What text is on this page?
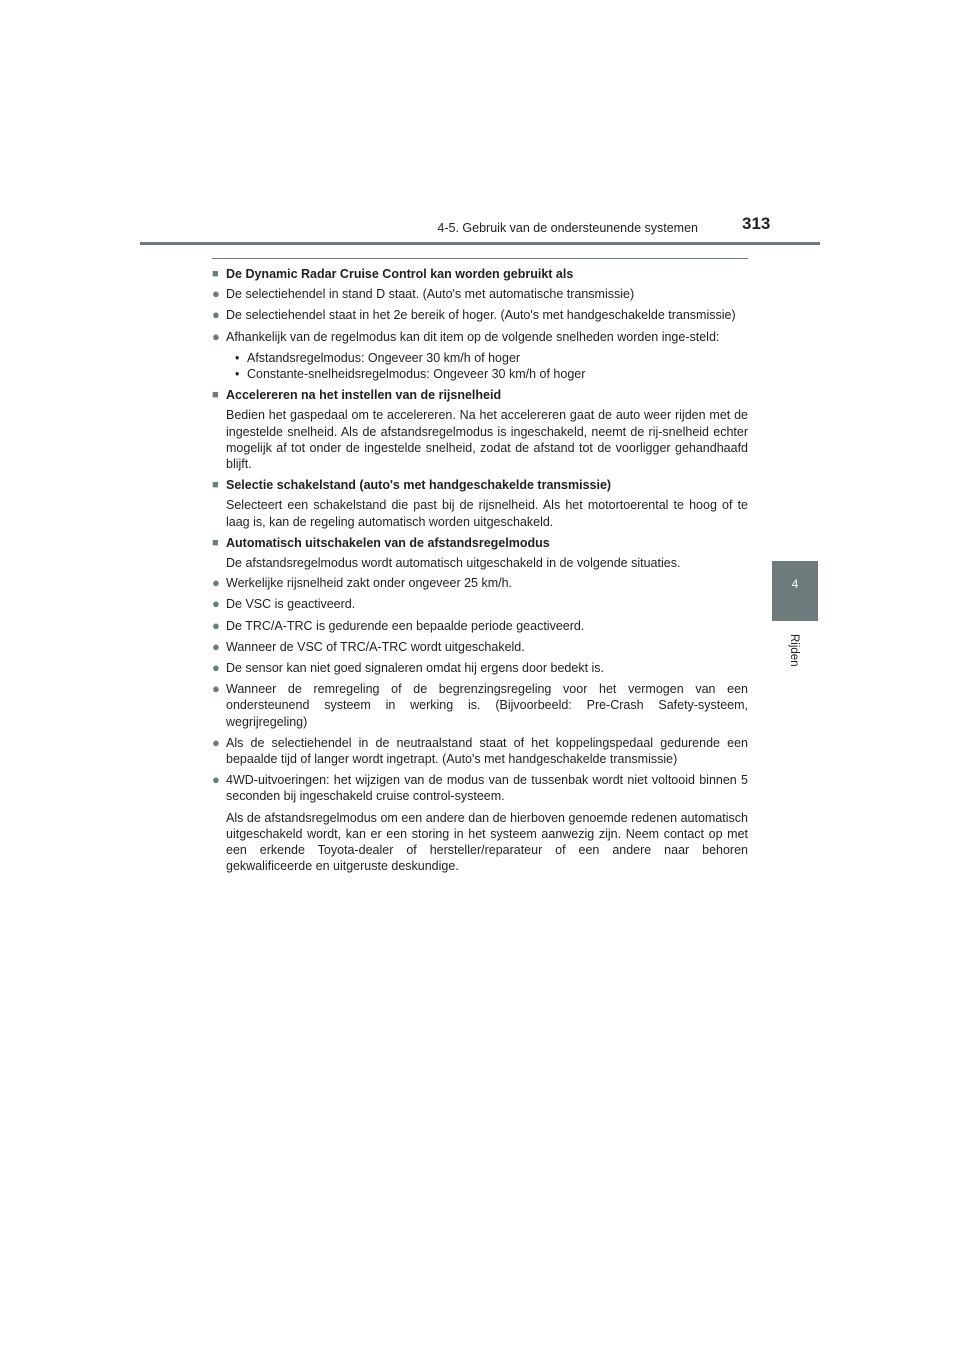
4-5. Gebruik van de ondersteunende systemen	313
4
Rijden
■ De Dynamic Radar Cruise Control kan worden gebruikt als
● De selectiehendel in stand D staat. (Auto's met automatische transmissie)
● De selectiehendel staat in het 2e bereik of hoger. (Auto's met handgeschakelde transmissie)
● Afhankelijk van de regelmodus kan dit item op de volgende snelheden worden inge-steld:
• Afstandsregelmodus: Ongeveer 30 km/h of hoger
• Constante-snelheidsregelmodus: Ongeveer 30 km/h of hoger
■ Accelereren na het instellen van de rijsnelheid
Bedien het gaspedaal om te accelereren. Na het accelereren gaat de auto weer rijden met de ingestelde snelheid. Als de afstandsregelmodus is ingeschakeld, neemt de rij-snelheid echter mogelijk af tot onder de ingestelde snelheid, zodat de afstand tot de voorligger gehandhaafd blijft.
■ Selectie schakelstand (auto's met handgeschakelde transmissie)
Selecteert een schakelstand die past bij de rijsnelheid. Als het motortoerental te hoog of te laag is, kan de regeling automatisch worden uitgeschakeld.
■ Automatisch uitschakelen van de afstandsregelmodus
De afstandsregelmodus wordt automatisch uitgeschakeld in de volgende situaties.
● Werkelijke rijsnelheid zakt onder ongeveer 25 km/h.
● De VSC is geactiveerd.
● De TRC/A-TRC is gedurende een bepaalde periode geactiveerd.
● Wanneer de VSC of TRC/A-TRC wordt uitgeschakeld.
● De sensor kan niet goed signaleren omdat hij ergens door bedekt is.
● Wanneer de remregeling of de begrenzingsregeling voor het vermogen van een ondersteunend systeem in werking is. (Bijvoorbeeld: Pre-Crash Safety-systeem, wegrijregeling)
● Als de selectiehendel in de neutraalstand staat of het koppelingspedaal gedurende een bepaalde tijd of langer wordt ingetrapt. (Auto's met handgeschakelde transmissie)
● 4WD-uitvoeringen: het wijzigen van de modus van de tussenbak wordt niet voltooid binnen 5 seconden bij ingeschakeld cruise control-systeem.
Als de afstandsregelmodus om een andere dan de hierboven genoemde redenen automatisch uitgeschakeld wordt, kan er een storing in het systeem aanwezig zijn. Neem contact op met een erkende Toyota-dealer of hersteller/reparateur of een andere naar behoren gekwalificeerde en uitgeruste deskundige.
